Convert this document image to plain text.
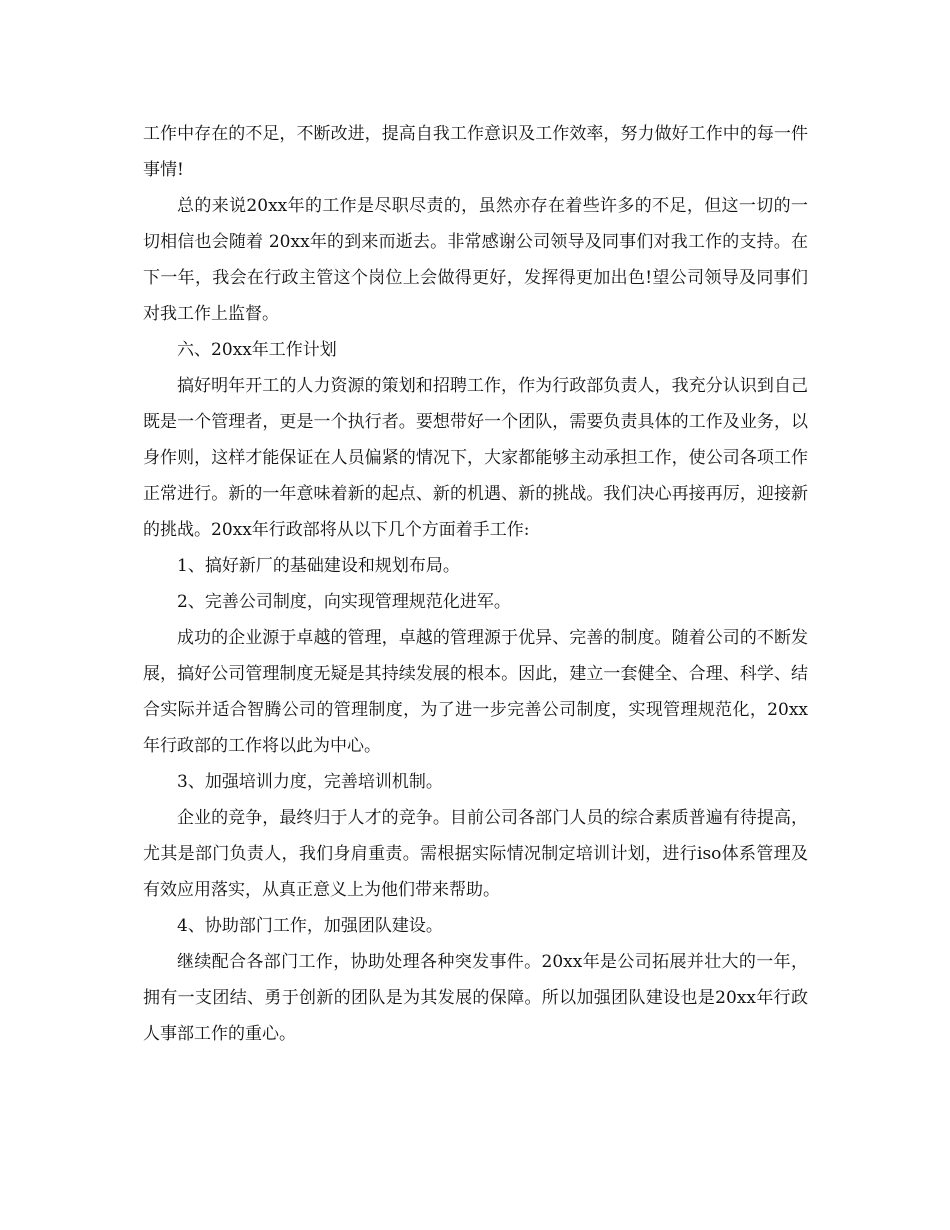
工作中存在的不足，不断改进，提高自我工作意识及工作效率，努力做好工作中的每一件事情!

总的来说20xx年的工作是尽职尽责的，虽然亦存在着些许多的不足，但这一切的一切相信也会随着 20xx年的到来而逝去。非常感谢公司领导及同事们对我工作的支持。在下一年，我会在行政主管这个岗位上会做得更好，发挥得更加出色!望公司领导及同事们对我工作上监督。

六、20xx年工作计划

搞好明年开工的人力资源的策划和招聘工作，作为行政部负责人，我充分认识到自己既是一个管理者，更是一个执行者。要想带好一个团队，需要负责具体的工作及业务，以身作则，这样才能保证在人员偏紧的情况下，大家都能够主动承担工作，使公司各项工作正常进行。新的一年意味着新的起点、新的机遇、新的挑战。我们决心再接再厉，迎接新的挑战。20xx年行政部将从以下几个方面着手工作:

1、搞好新厂的基础建设和规划布局。

2、完善公司制度，向实现管理规范化进军。

成功的企业源于卓越的管理，卓越的管理源于优异、完善的制度。随着公司的不断发展，搞好公司管理制度无疑是其持续发展的根本。因此，建立一套健全、合理、科学、结合实际并适合智腾公司的管理制度，为了进一步完善公司制度，实现管理规范化，20xx年行政部的工作将以此为中心。

3、加强培训力度，完善培训机制。

企业的竞争，最终归于人才的竞争。目前公司各部门人员的综合素质普遍有待提高，尤其是部门负责人，我们身肩重责。需根据实际情况制定培训计划，进行iso体系管理及有效应用落实，从真正意义上为他们带来帮助。

4、协助部门工作，加强团队建设。

继续配合各部门工作，协助处理各种突发事件。20xx年是公司拓展并壮大的一年，拥有一支团结、勇于创新的团队是为其发展的保障。所以加强团队建设也是20xx年行政人事部工作的重心。
